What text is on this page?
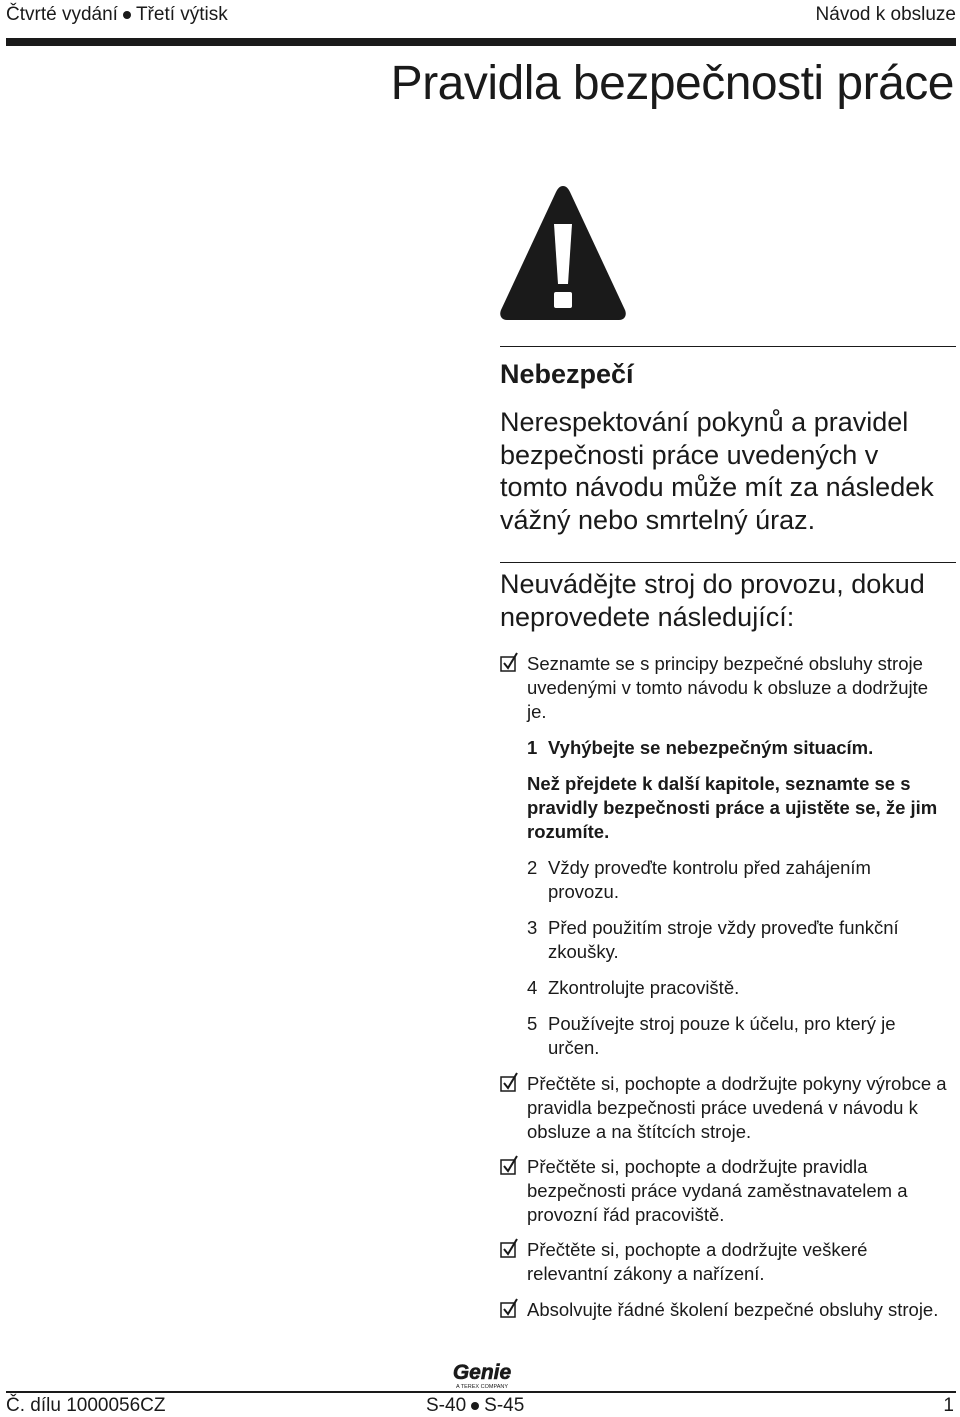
Čtvrté vydání Třetí výtisk	Návod k obsluze
Pravidla bezpečnosti práce
Nebezpečí
Nerespektování pokynů a pravidel bezpečnosti práce uvedených v tomto návodu může mít za následek vážný nebo smrtelný úraz.
Neuvádějte stroj do provozu, dokud neprovedete následující:
Seznamte se s principy bezpečné obsluhy stroje uvedenými v tomto návodu k obsluze a dodržujte je.
1 Vyhýbejte se nebezpečným situacím.
Než přejdete k další kapitole, seznamte se s pravidly bezpečnosti práce a ujistěte se, že jim rozumíte.
2 Vždy proveďte kontrolu před zahájením provozu.
3 Před použitím stroje vždy proveďte funkční zkoušky.
4 Zkontrolujte pracoviště.
5 Používejte stroj pouze k účelu, pro který je určen.
Přečtěte si, pochopte a dodržujte pokyny výrobce a pravidla bezpečnosti práce uvedená v návodu k obsluze a na štítcích stroje.
Přečtěte si, pochopte a dodržujte pravidla bezpečnosti práce vydaná zaměstnavatelem a provozní řád pracoviště.
Přečtěte si, pochopte a dodržujte veškeré relevantní zákony a nařízení.
Absolvujte řádné školení bezpečné obsluhy stroje.
Genie
A TEREX COMPANY
Č. dílu 1000056CZ	S-40 S-45	1
